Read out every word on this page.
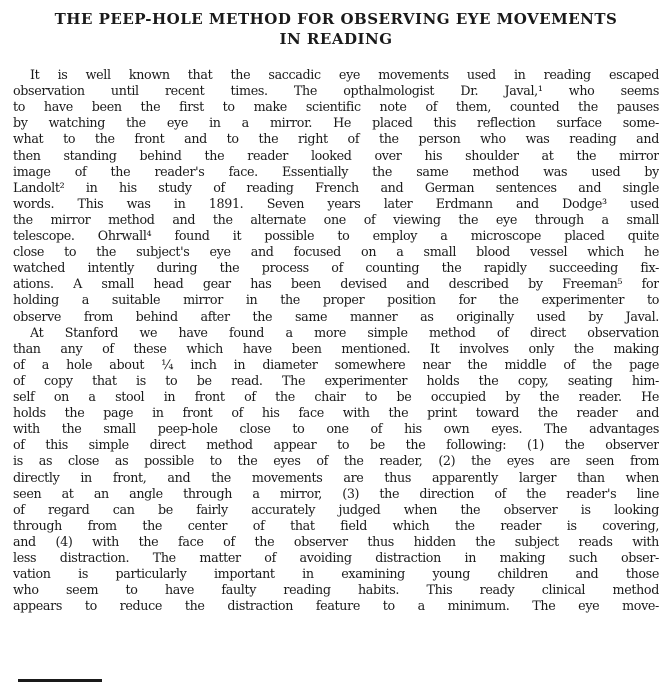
THE PEEP-HOLE METHOD FOR OBSERVING EYE MOVEMENTS
IN READING
It is well known that the saccadic eye movements used in reading escaped
observation until recent times. The opthalmologist Dr. Javal,¹ who seems
to have been the first to make scientific note of them, counted the pauses
by watching the eye in a mirror. He placed this reflection surface some-
what to the front and to the right of the person who was reading and
then standing behind the reader looked over his shoulder at the mirror
image of the reader's face. Essentially the same method was used by
Landolt² in his study of reading French and German sentences and single
words. This was in 1891. Seven years later Erdmann and Dodge³ used
the mirror method and the alternate one of viewing the eye through a small
telescope. Ohrwall⁴ found it possible to employ a microscope placed quite
close to the subject's eye and focused on a small blood vessel which he
watched intently during the process of counting the rapidly succeeding fix-
ations. A small head gear has been devised and described by Freeman⁵ for
holding a suitable mirror in the proper position for the experimenter to
observe from behind after the same manner as originally used by Javal.
At Stanford we have found a more simple method of direct observation
than any of these which have been mentioned. It involves only the making
of a hole about ¼ inch in diameter somewhere near the middle of the page
of copy that is to be read. The experimenter holds the copy, seating him-
self on a stool in front of the chair to be occupied by the reader. He
holds the page in front of his face with the print toward the reader and
with the small peep-hole close to one of his own eyes. The advantages
of this simple direct method appear to be the following: (1) the observer
is as close as possible to the eyes of the reader, (2) the eyes are seen from
directly in front, and the movements are thus apparently larger than when
seen at an angle through a mirror, (3) the direction of the reader's line
of regard can be fairly accurately judged when the observer is looking
through from the center of that field which the reader is covering,
and (4) with the face of the observer thus hidden the subject reads with
less distraction. The matter of avoiding distraction in making such obser-
vation is particularly important in examining young children and those
who seem to have faulty reading habits. This ready clinical method
appears to reduce the distraction feature to a minimum. The eye move-
